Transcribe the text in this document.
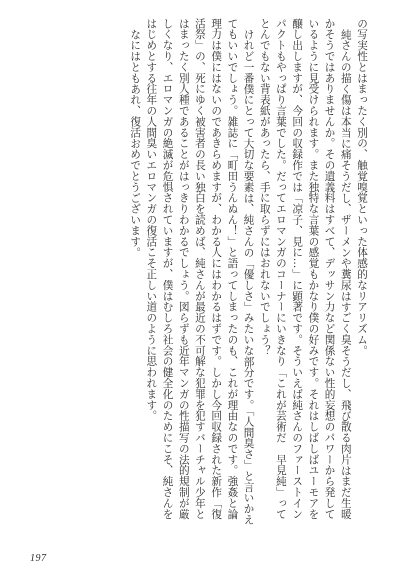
の写実性とはまったく別の、触覚嗅覚といった体感的なリアリズム。

純さんの描く傷は本当に痛そうだし、ザーメンや糞尿はすごく臭そうだし、飛び散る肉片はまだ生暖かそうではありませんか。その遺義料はすべて、デッサン力など関係ない性的妄想のパワーから発しているように見受けられます。また独特な言葉の感覚もかなり僕の好みです。それはしばしばユーモアを醸し出しますが、今回の収録作では「凉子、見に…」に顕著です。そういえば純さんのファーストインパクトもやっぱり言葉でした。だってエロマンガのコーナーにいきなり「これが芸術だ　早見純」ってとんでもない背表紙があったら、手に取らずにはおれないでしょう？

けれど一番僕にとって大切な要素は、純さんの「優しさ」みたいな部分です。「人間臭さ」と言いかえてもいいでしょう。雑誌に「町田うんぬん！」と語ってしまったのも、これが理由なのです。強姦と論理力は僕にはないのであきらめますが、わかる人にはわかるはずです。しかし今回収録された新作「復活祭」の、死にゆく被害者の長い独白を読めば、純さんが最近の不可解な犯罪を犯すバーチャル少年とはまったく別人種であることがはっきりわかるでしょう。図らずも近年マンガの性描写の法的規制が厳しくなり、エロマンガの絶滅が危惧されていますが、僕はむしろ社会の健全化のためにこそ、純さんをはじめとする往年の人間臭いエロマンガの復活こそ正しい道のように思われます。

なにはともあれ、復活おめでとうございます。

197
